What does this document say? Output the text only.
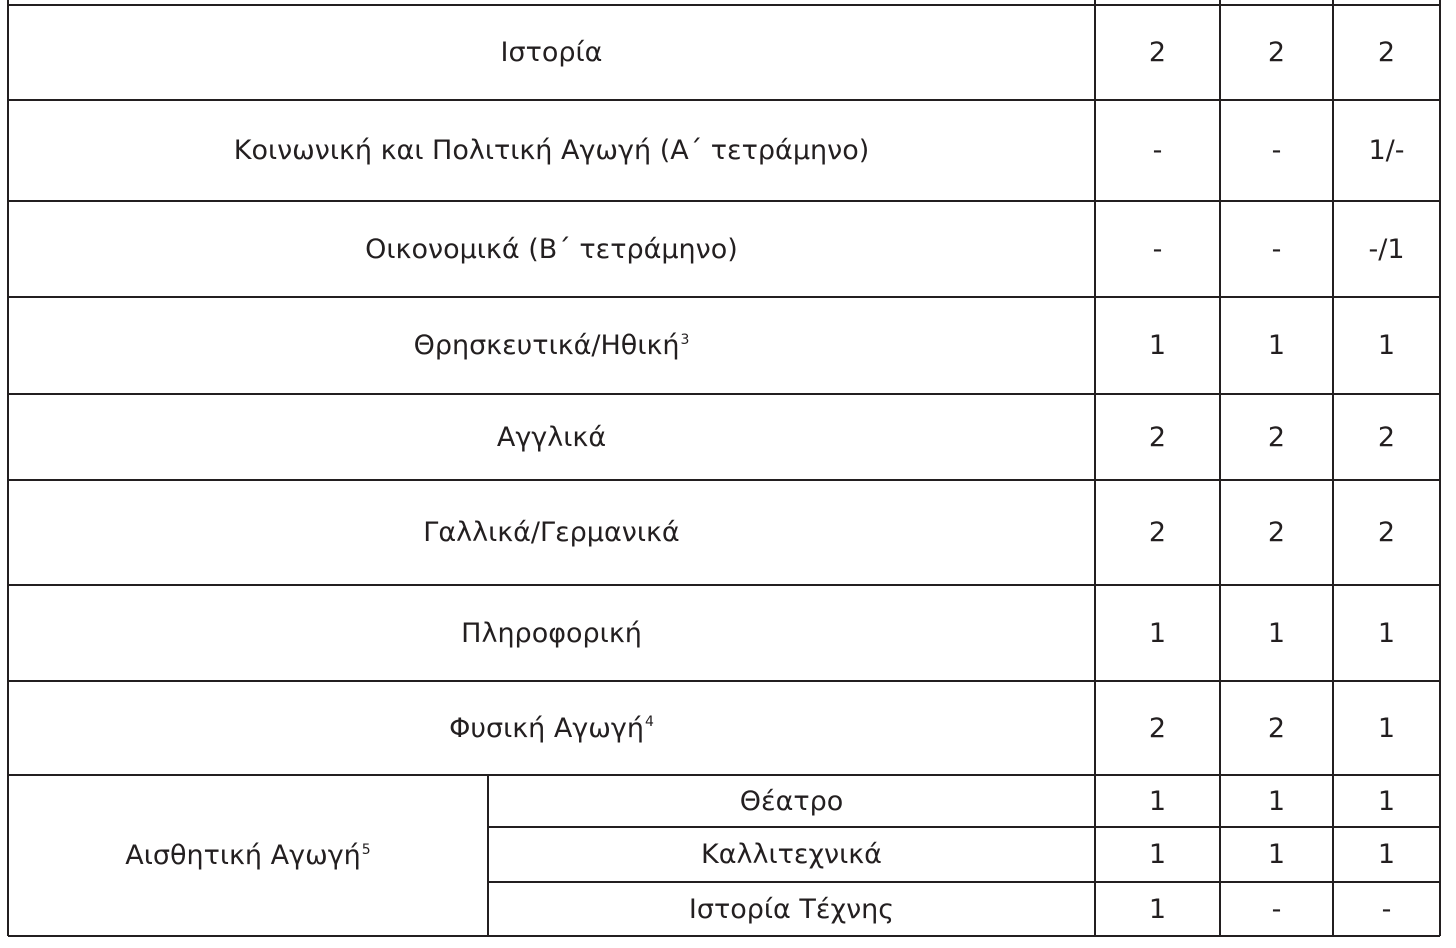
Ιστορία	2	2	2
Κοινωνική και Πολιτική Αγωγή (Α΄ τετράμηνο)	-	-	1/-
Οικονομικά (Β΄ τετράμηνο)	-	-	-/1
Θρησκευτικά/Ηθική$^3$	1	1	1
Αγγλικά	2	2	2
Γαλλικά/Γερμανικά	2	2	2
Πληροφορική	1	1	1
Φυσική Αγωγή$^4$	2	2	1
Αισθητική Αγωγή$^5$
Θέατρο	1	1	1
Καλλιτεχνικά	1	1	1
Ιστορία Τέχνης	1	-	-
